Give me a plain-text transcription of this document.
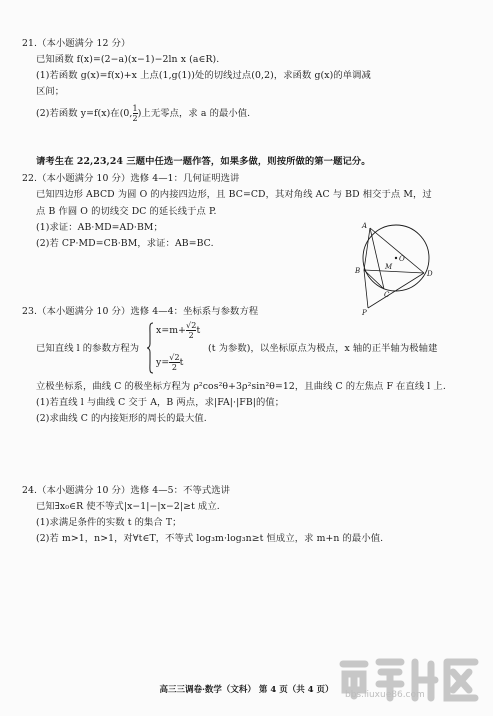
21.（本小题满分 12 分）
已知函数 f(x)=(2−a)(x−1)−2ln x (a∈R).
(1)若函数 g(x)=f(x)+x 上点(1,g(1))处的切线过点(0,2)，求函数 g(x)的单调减
区间；
(2)若函数 y=f(x)在(0, $\frac{1}{2}$ )上无零点，求 a 的最小值.
请考生在 22,23,24 三题中任选一题作答，如果多做，则按所做的第一题记分。
22.（本小题满分 10 分）选修 4—1：几何证明选讲
已知四边形 ABCD 为圆 O 的内接四边形，且 BC=CD，其对角线 AC 与 BD 相交于点 M，过
点 B 作圆 O 的切线交 DC 的延长线于点 P.
(1)求证：AB·MD=AD·BM；
(2)若 CP·MD=CB·BM，求证：AB=BC.
A
B
C
D
M
O
P
23.（本小题满分 10 分）选修 4—4：坐标系与参数方程
已知直线 l 的参数方程为
$x=m+ \frac{√2}{2}$ t
$y= \frac{√2}{2}$ t
(t 为参数)，以坐标原点为极点，x 轴的正半轴为极轴建
立极坐标系，曲线 C 的极坐标方程为 ρ²cos²θ+3ρ²sin²θ=12，且曲线 C 的左焦点 F 在直线 l 上.
(1)若直线 l 与曲线 C 交于 A，B 两点，求|FA|·|FB|的值；
(2)求曲线 C 的内接矩形的周长的最大值.
24.（本小题满分 10 分）选修 4—5：不等式选讲
已知∃x₀∈R 使不等式|x−1|−|x−2|≥t 成立.
(1)求满足条件的实数 t 的集合 T；
(2)若 m>1，n>1，对∀t∈T，不等式 log₃m·log₃n≥t 恒成立，求 m+n 的最小值.
高三三调卷·数学（文科） 第 4 页（共 4 页）	bbs.liuxue86.com
